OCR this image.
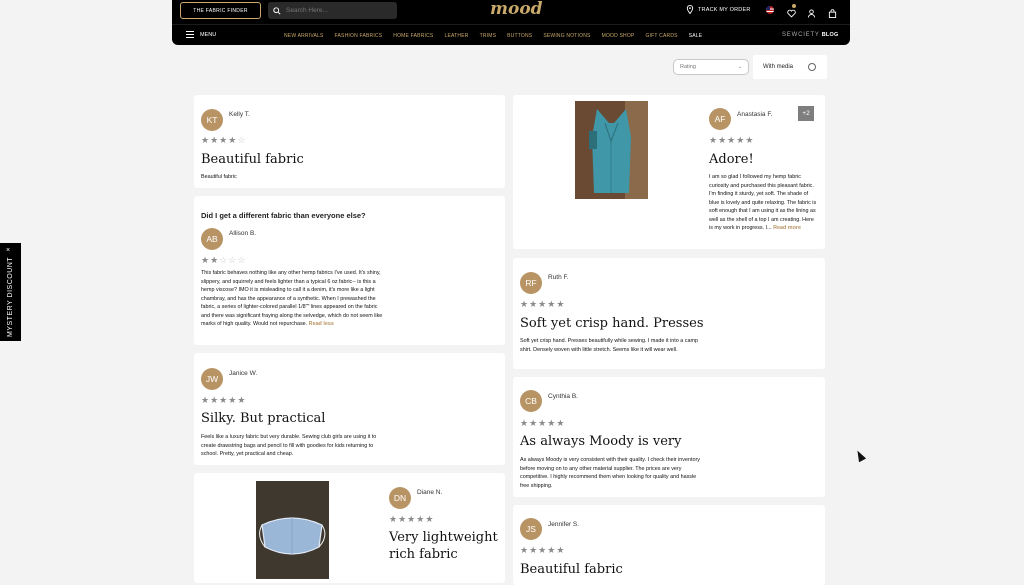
THE FABRIC FINDER
Search Here...	mood	TRACK MY ORDER
MENU	NEW ARRIVALS FASHION FABRICS HOME FABRICS LEATHER TRIMS BUTTONS SEWING NOTIONS MOOD SHOP GIFT CARDS SALE	SEWCIETY BLOG
Rating	⌄	With media
KT
Kelly T.
★ ★ ★ ★ ☆
Beautiful fabric
Beautiful fabric
Did I get a different fabric than everyone else?
AB
Allison B.
★ ★ ☆ ☆ ☆
This fabric behaves nothing like any other hemp fabrics I've used. It's shiny, slippery, and squirrely and feels lighter than a typical 6 oz fabric-- is this a hemp viscose? IMO it is misleading to call it a denim, it's more like a light chambray, and has the appearance of a synthetic. When I prewashed the fabric, a series of lighter-colored parallel 1/8"" lines appeared on the fabric and there was significant fraying along the selvedge, which do not seem like marks of high quality. Would not repurchase. Read less
JW
Janice W.
★ ★ ★ ★ ★
Silky. But practical
Feels like a luxury fabric but very durable. Sewing club girls are using it to create drawstring bags and pencil to fill with goodies for kids returning to school. Pretty, yet practical and cheap.
DN
Diane N.
★ ★ ★ ★ ★
Very lightweight rich fabric
AF	Anastasia F.
★ ★ ★ ★ ★
Adore!
I am so glad I followed my hemp fabric curiosity and purchased this pleasant fabric. I'm finding it sturdy, yet soft. The shade of blue is lovely and quite relaxing. The fabric is soft enough that I am using it as the lining as well as the shell of a top I am creating. Here is my work in progress. I... Read more
+2
RF
Ruth F.
★ ★ ★ ★ ★
Soft yet crisp hand. Presses
Soft yet crisp hand. Presses beautifully while sewing. I made it into a camp shirt. Densely woven with little stretch. Seems like it will wear well.
CB	Cynthia B.
★ ★ ★ ★ ★
As always Moody is very
As always Moody is very consistent with their quality. I check their inventory before moving on to any other material supplier. The prices are very competitive. I highly recommend them when looking for quality and hassle free shipping.
JS	Jennifer S.
★ ★ ★ ★ ★
Beautiful fabric
×
MYSTERY DISCOUNT
